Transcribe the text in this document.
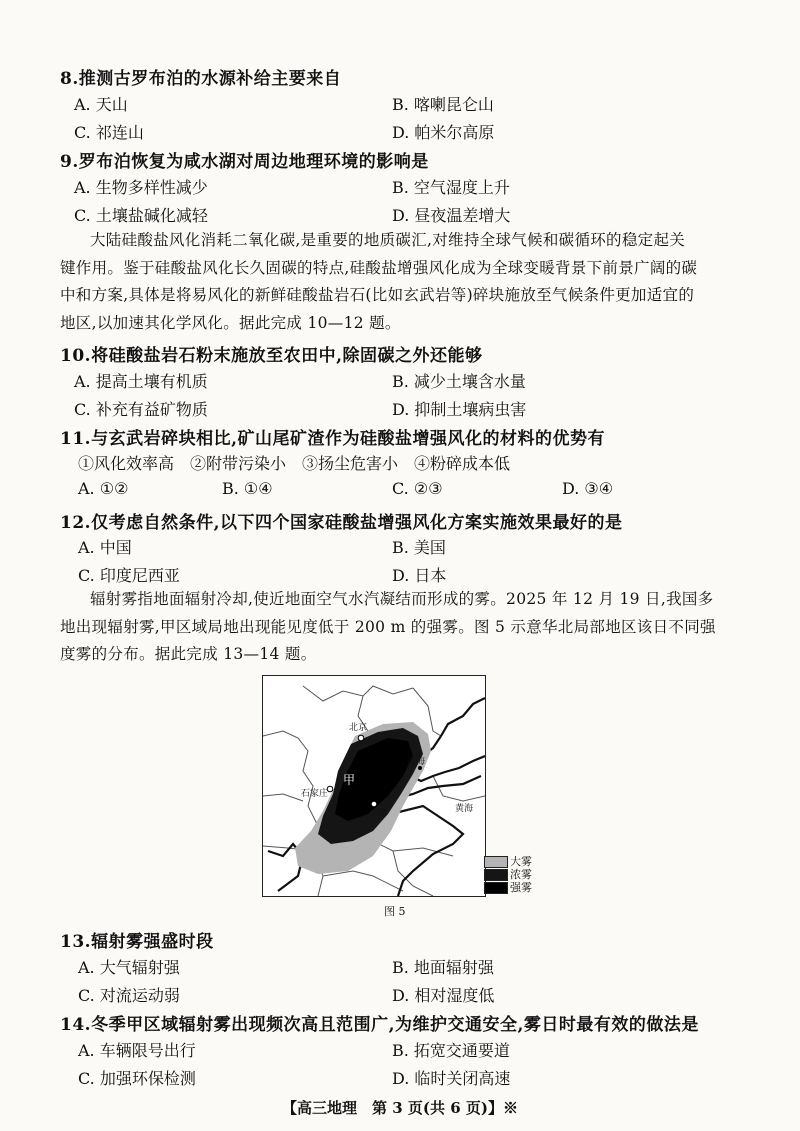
8.推测古罗布泊的水源补给主要来自
A. 天山	B. 喀喇昆仑山
C. 祁连山	D. 帕米尔高原
9.罗布泊恢复为咸水湖对周边地理环境的影响是
A. 生物多样性减少	B. 空气湿度上升
C. 土壤盐碱化减轻	D. 昼夜温差增大
大陆硅酸盐风化消耗二氧化碳,是重要的地质碳汇,对维持全球气候和碳循环的稳定起关
键作用。鉴于硅酸盐风化长久固碳的特点,硅酸盐增强风化成为全球变暖背景下前景广阔的碳
中和方案,具体是将易风化的新鲜硅酸盐岩石(比如玄武岩等)碎块施放至气候条件更加适宜的
地区,以加速其化学风化。据此完成 10—12 题。
10.将硅酸盐岩石粉末施放至农田中,除固碳之外还能够
A. 提高土壤有机质	B. 减少土壤含水量
C. 补充有益矿物质	D. 抑制土壤病虫害
11.与玄武岩碎块相比,矿山尾矿渣作为硅酸盐增强风化的材料的优势有
①风化效率高　②附带污染小　③扬尘危害小　④粉碎成本低
A. ①②	B. ①④	C. ②③	D. ③④
12.仅考虑自然条件,以下四个国家硅酸盐增强风化方案实施效果最好的是
A. 中国	B. 美国
C. 印度尼西亚	D. 日本
辐射雾指地面辐射冷却,使近地面空气水汽凝结而形成的雾。2025 年 12 月 19 日,我国多
地出现辐射雾,甲区域局地出现能见度低于 200 m 的强雾。图 5 示意华北局部地区该日不同强
度雾的分布。据此完成 13—14 题。
北京
石家庄
济南
渤海
黄海
甲
大雾
浓雾
强雾
图 5
13.辐射雾强盛时段
A. 大气辐射强	B. 地面辐射强
C. 对流运动弱	D. 相对湿度低
14.冬季甲区域辐射雾出现频次高且范围广,为维护交通安全,雾日时最有效的做法是
A. 车辆限号出行	B. 拓宽交通要道
C. 加强环保检测	D. 临时关闭高速
【高三地理　第 3 页(共 6 页)】※
